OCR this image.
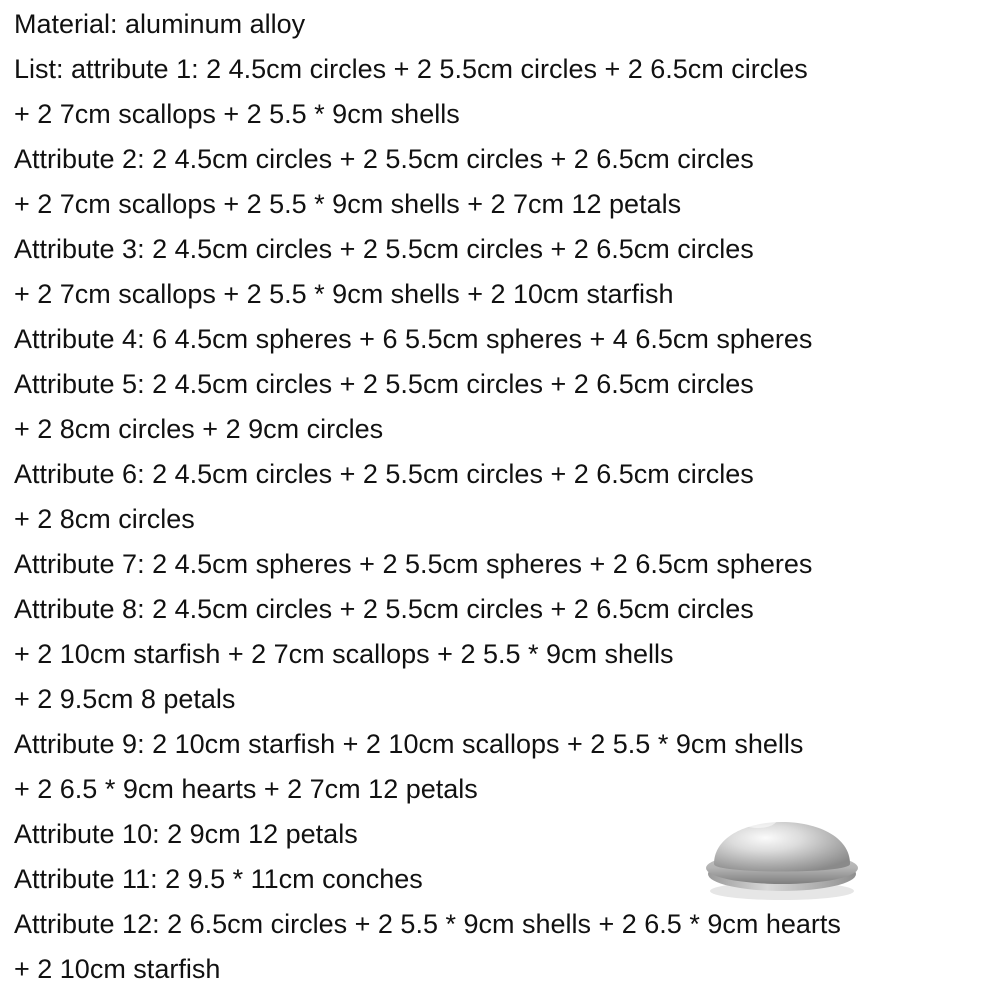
Material: aluminum alloy
List: attribute 1: 2 4.5cm circles + 2 5.5cm circles + 2 6.5cm circles
+ 2 7cm scallops + 2 5.5 * 9cm shells
Attribute 2: 2 4.5cm circles + 2 5.5cm circles + 2 6.5cm circles
+ 2 7cm scallops + 2 5.5 * 9cm shells + 2 7cm 12 petals
Attribute 3: 2 4.5cm circles + 2 5.5cm circles + 2 6.5cm circles
+ 2 7cm scallops + 2 5.5 * 9cm shells + 2 10cm starfish
Attribute 4: 6 4.5cm spheres + 6 5.5cm spheres + 4 6.5cm spheres
Attribute 5: 2 4.5cm circles + 2 5.5cm circles + 2 6.5cm circles
+ 2 8cm circles + 2 9cm circles
Attribute 6: 2 4.5cm circles + 2 5.5cm circles + 2 6.5cm circles
+ 2 8cm circles
Attribute 7: 2 4.5cm spheres + 2 5.5cm spheres + 2 6.5cm spheres
Attribute 8: 2 4.5cm circles + 2 5.5cm circles + 2 6.5cm circles
+ 2 10cm starfish + 2 7cm scallops + 2 5.5 * 9cm shells
+ 2 9.5cm 8 petals
Attribute 9: 2 10cm starfish + 2 10cm scallops + 2 5.5 * 9cm shells
+ 2 6.5 * 9cm hearts + 2 7cm 12 petals
Attribute 10: 2 9cm 12 petals
Attribute 11: 2 9.5 * 11cm conches
Attribute 12: 2 6.5cm circles + 2 5.5 * 9cm shells + 2 6.5 * 9cm hearts
+ 2 10cm starfish
